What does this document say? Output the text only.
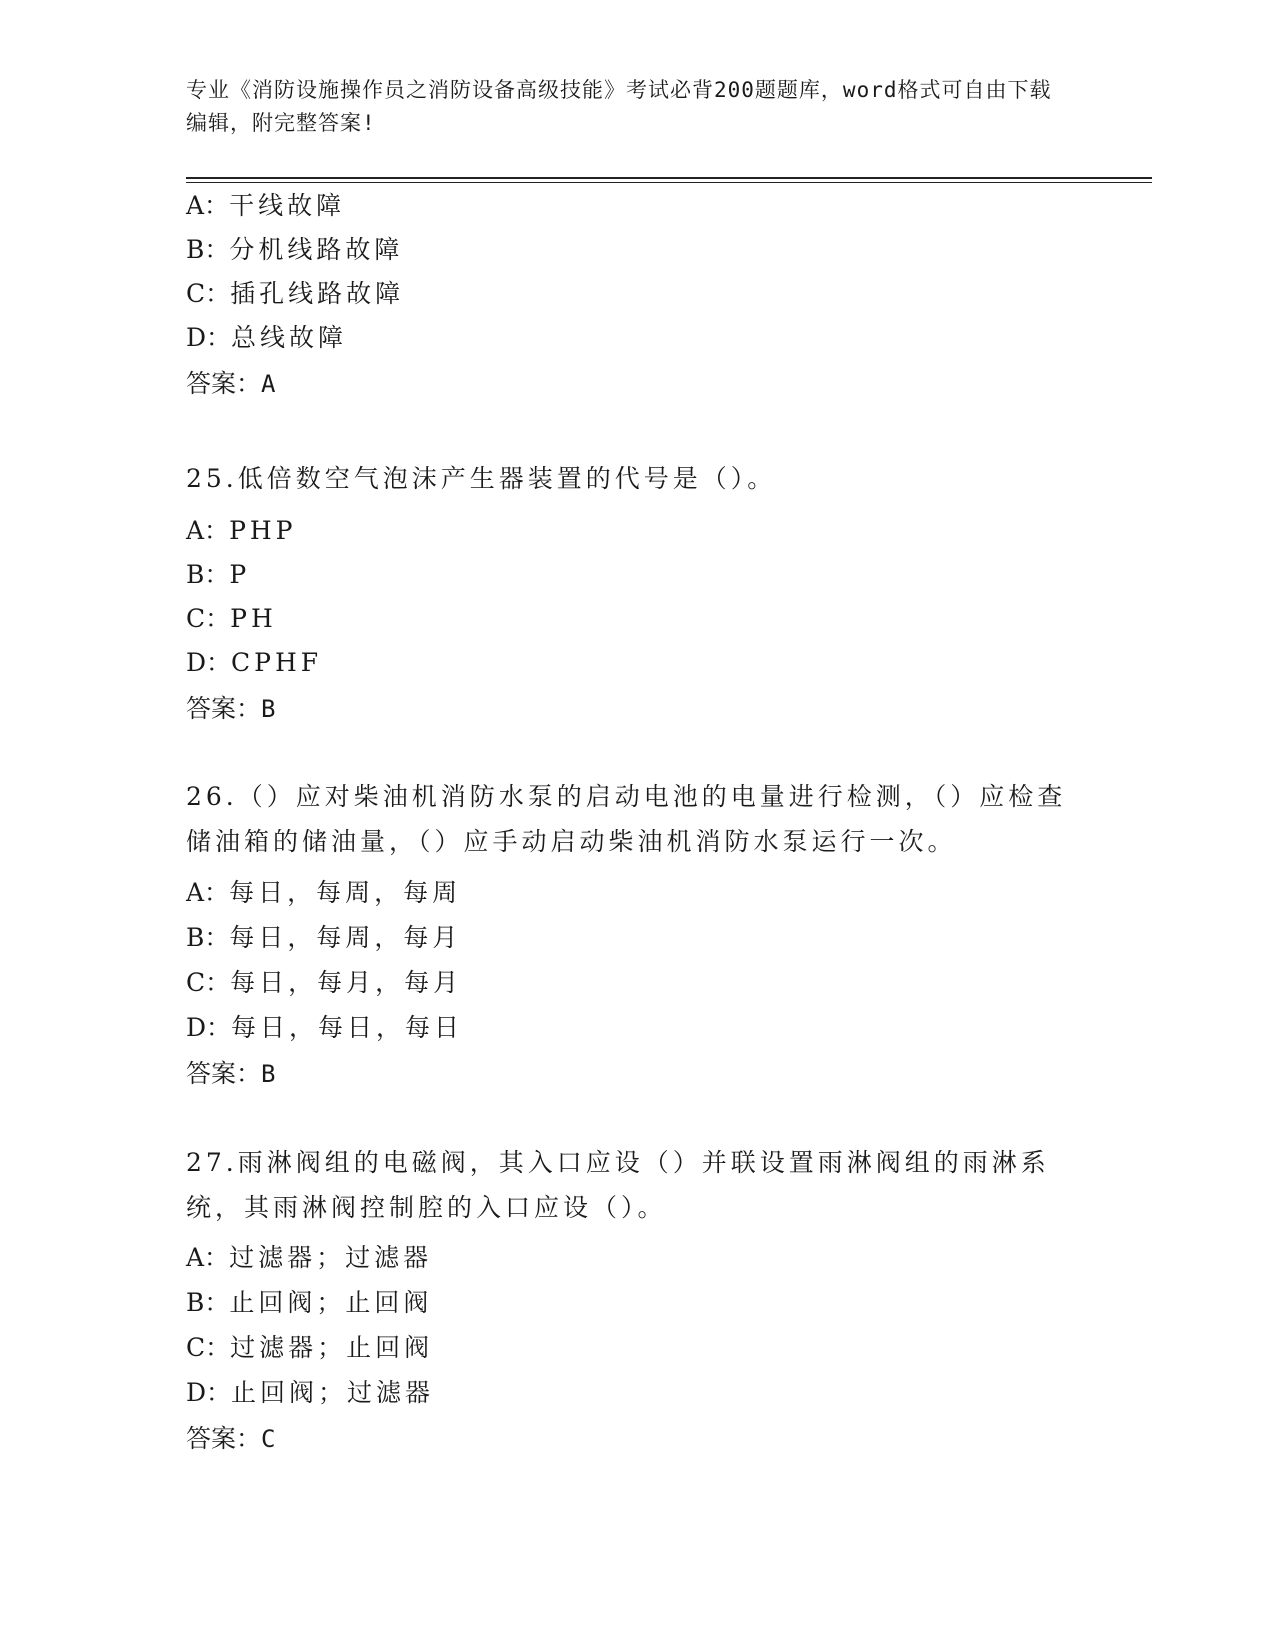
专业《消防设施操作员之消防设备高级技能》考试必背200题题库，word格式可自由下载编辑，附完整答案!
A：干线故障
B：分机线路故障
C：插孔线路故障
D：总线故障
答案：A
25.低倍数空气泡沫产生器装置的代号是（）。
A：PHP
B：P
C：PH
D：CPHF
答案：B
26.（）应对柴油机消防水泵的启动电池的电量进行检测，（）应检查储油箱的储油量，（）应手动启动柴油机消防水泵运行一次。
A：每日，每周，每周
B：每日，每周，每月
C：每日，每月，每月
D：每日，每日，每日
答案：B
27.雨淋阀组的电磁阀，其入口应设（）并联设置雨淋阀组的雨淋系统，其雨淋阀控制腔的入口应设（）。
A：过滤器；过滤器
B：止回阀；止回阀
C：过滤器；止回阀
D：止回阀；过滤器
答案：C
